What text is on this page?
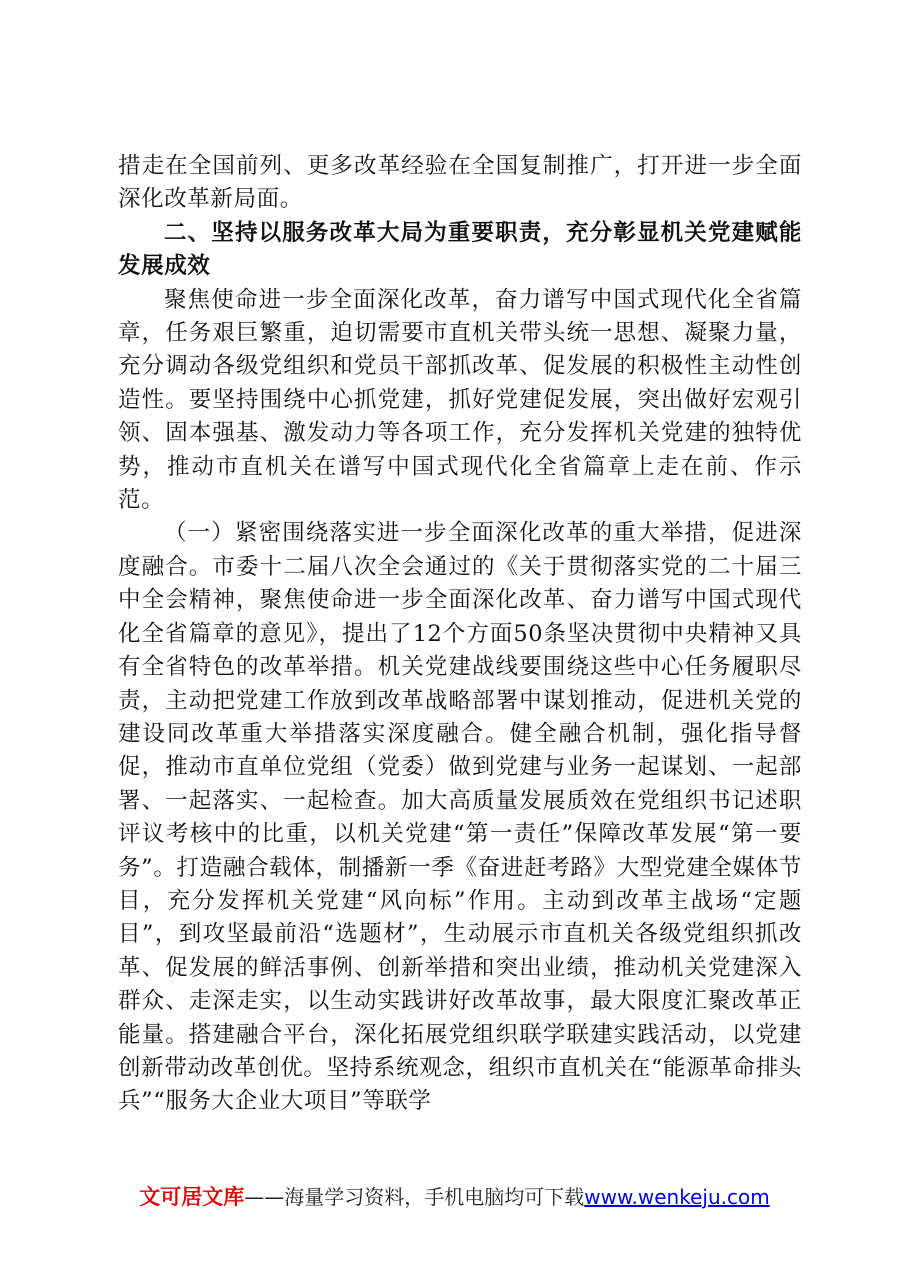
措走在全国前列、更多改革经验在全国复制推广，打开进一步全面深化改革新局面。

二、坚持以服务改革大局为重要职责，充分彰显机关党建赋能发展成效

聚焦使命进一步全面深化改革，奋力谱写中国式现代化全省篇章，任务艰巨繁重，迫切需要市直机关带头统一思想、凝聚力量，充分调动各级党组织和党员干部抓改革、促发展的积极性主动性创造性。要坚持围绕中心抓党建，抓好党建促发展，突出做好宏观引领、固本强基、激发动力等各项工作，充分发挥机关党建的独特优势，推动市直机关在谱写中国式现代化全省篇章上走在前、作示范。

（一）紧密围绕落实进一步全面深化改革的重大举措，促进深度融合。市委十二届八次全会通过的《关于贯彻落实党的二十届三中全会精神，聚焦使命进一步全面深化改革、奋力谱写中国式现代化全省篇章的意见》，提出了12个方面50条坚决贯彻中央精神又具有全省特色的改革举措。机关党建战线要围绕这些中心任务履职尽责，主动把党建工作放到改革战略部署中谋划推动，促进机关党的建设同改革重大举措落实深度融合。健全融合机制，强化指导督促，推动市直单位党组（党委）做到党建与业务一起谋划、一起部署、一起落实、一起检查。加大高质量发展质效在党组织书记述职评议考核中的比重，以机关党建“第一责任”保障改革发展“第一要务”。打造融合载体，制播新一季《奋进赶考路》大型党建全媒体节目，充分发挥机关党建“风向标”作用。主动到改革主战场“定题目”，到攻坚最前沿“选题材”，生动展示市直机关各级党组织抓改革、促发展的鲜活事例、创新举措和突出业绩，推动机关党建深入群众、走深走实，以生动实践讲好改革故事，最大限度汇聚改革正能量。搭建融合平台，深化拓展党组织联学联建实践活动，以党建创新带动改革创优。坚持系统观念，组织市直机关在“能源革命排头兵”“服务大企业大项目”等联学

文可居文库——海量学习资料，手机电脑均可下载www.wenkeju.com
